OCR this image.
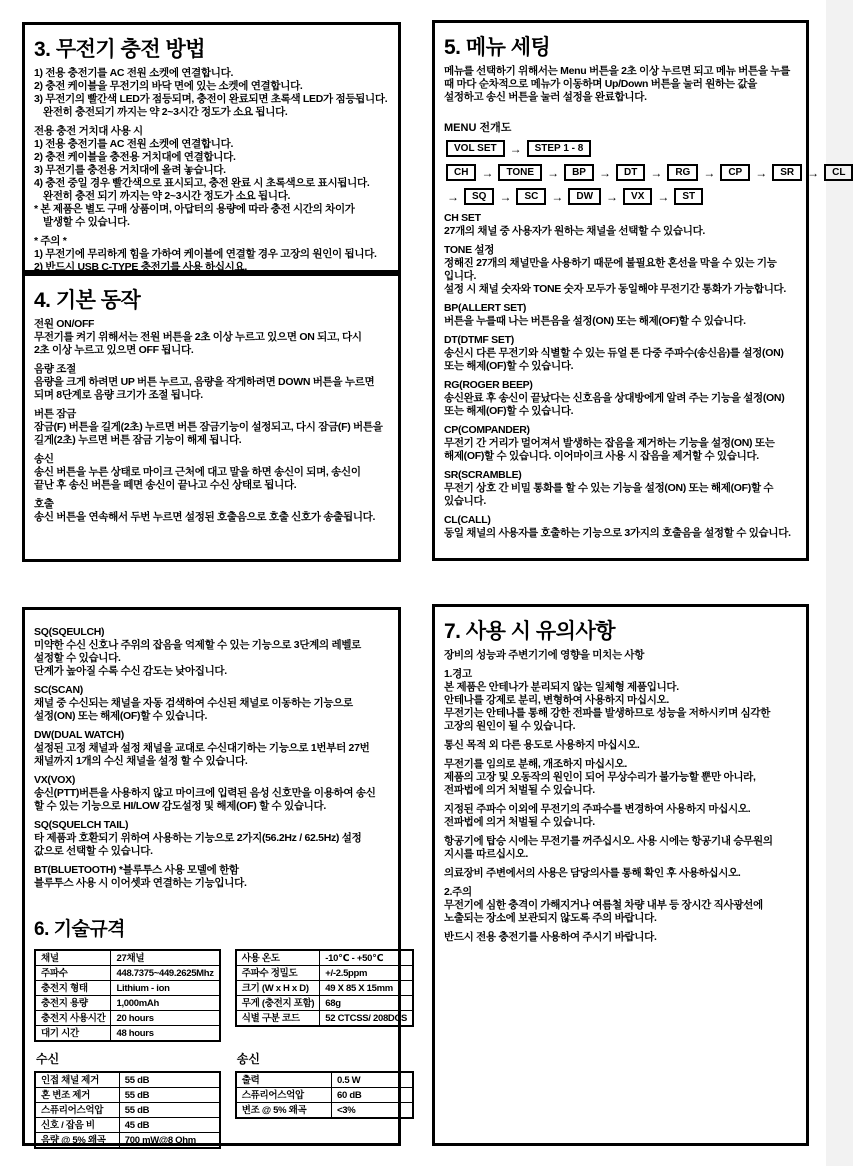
3. 무전기 충전 방법
1) 전용 충전기를 AC 전원 소켓에 연결합니다.
2) 충전 케이블을 무전기의 바닥 면에 있는 소켓에 연결합니다.
3) 무전기의 빨간색 LED가 점등되며, 충전이 완료되면 초록색 LED가 점등됩니다.
완전히 충전되기 까지는 약 2~3시간 정도가 소요 됩니다.
전용 충전 거치대 사용 시
1) 전용 충전기를 AC 전원 소켓에 연결합니다.
2) 충전 케이블을 충전용 거치대에 연결합니다.
3) 무전기를 충전용 거치대에 올려 놓습니다.
4) 충전 중일 경우 빨간색으로 표시되고, 충전 완료 시 초록색으로 표시됩니다.
완전히 충전 되기 까지는 약 2~3시간 정도가 소요 됩니다.
* 본 제품은 별도 구매 상품이며, 아답터의 용량에 따라 충전 시간의 차이가
발생할 수 있습니다.
* 주의 *
1) 무전기에 무리하게 힘을 가하여 케이블에 연결할 경우 고장의 원인이 됩니다.
2) 반드시 USB C-TYPE 충전기를 사용 하십시요.
4. 기본 동작
전원 ON/OFF
무전기를 켜기 위해서는 전원 버튼을 2초 이상 누르고 있으면 ON 되고, 다시
2초 이상 누르고 있으면 OFF 됩니다.
음량 조절
음량을 크게 하려면 UP 버튼 누르고, 음량을 작게하려면 DOWN 버튼을 누르면
되며 8단계로 음량 크기가 조절 됩니다.
버튼 잠금
잠금(F) 버튼을 길게(2초) 누르면 버튼 잠금기능이 설정되고, 다시 잠금(F) 버튼을
길게(2초) 누르면 버튼 잠금 기능이 해제 됩니다.
송신
송신 버튼을 누른 상태로 마이크 근처에 대고 말을 하면 송신이 되며, 송신이
끝난 후 송신 버튼을 떼면 송신이 끝나고 수신 상태로 됩니다.
호출
송신 버튼을 연속해서 두번 누르면 설정된 호출음으로 호출 신호가 송출됩니다.
5. 메뉴 세팅
메뉴를 선택하기 위해서는 Menu 버튼을 2초 이상 누르면 되고 메뉴 버튼을 누를
때 마다 순차적으로 메뉴가 이동하며 Up/Down 버튼을 눌러 원하는 값을
설정하고 송신 버튼을 눌러 설정을 완료합니다.
MENU 전개도
VOL SET	→	STEP 1 - 8
CH	→	TONE	→	BP	→	DT	→	RG	→	CP	→	SR	→	CL
→	SQ	→	SC	→	DW	→	VX	→	ST
CH SET
27개의 채널 중 사용자가 원하는 채널을 선택할 수 있습니다.
TONE 설정
정해진 27개의 채널만을 사용하기 때문에 불필요한 혼선을 막을 수 있는 기능
입니다.
설정 시 채널 숫자와 TONE 숫자 모두가 동일해야 무전기간 통화가 가능합니다.
BP(ALLERT SET)
버튼을 누를때 나는 버튼음을 설정(ON) 또는 해제(OF)할 수 있습니다.
DT(DTMF SET)
송신시 다른 무전기와 식별할 수 있는 듀얼 톤 다중 주파수(송신음)를 설정(ON)
또는 해제(OF)할 수 있습니다.
RG(ROGER BEEP)
송신완료 후 송신이 끝났다는 신호음을 상대방에게 알려 주는 기능을 설정(ON)
또는 해제(OF)할 수 있습니다.
CP(COMPANDER)
무전기 간 거리가 멀어져서 발생하는 잡음을 제거하는 기능을 설정(ON) 또는
해제(OF)할 수 있습니다. 이어마이크 사용 시 잡음을 제거할 수 있습니다.
SR(SCRAMBLE)
무전기 상호 간 비밀 통화를 할 수 있는 기능을 설정(ON) 또는 해제(OF)할 수
있습니다.
CL(CALL)
동일 채널의 사용자를 호출하는 기능으로 3가지의 호출음을 설정할 수 있습니다.
SQ(SQEULCH)
미약한 수신 신호나 주위의 잡음을 억제할 수 있는 기능으로 3단계의 레벨로
설정할 수 있습니다.
단계가 높아질 수록 수신 감도는 낮아집니다.
SC(SCAN)
채널 중 수신되는 채널을 자동 검색하여 수신된 채널로 이동하는 기능으로
설정(ON) 또는 해제(OF)할 수 있습니다.
DW(DUAL WATCH)
설정된 고정 채널과 설정 채널을 교대로 수신대기하는 기능으로 1번부터 27번
채널까지 1개의 수신 채널을 설정 할 수 있습니다.
VX(VOX)
송신(PTT)버튼을 사용하지 않고 마이크에 입력된 음성 신호만을 이용하여 송신
할 수 있는 기능으로 HI/LOW 감도설정 및 해제(OF) 할 수 있습니다.
SQ(SQUELCH TAIL)
타 제품과 호환되기 위하여 사용하는 기능으로 2가지(56.2Hz / 62.5Hz) 설정
값으로 선택할 수 있습니다.
BT(BLUETOOTH) *블루투스 사용 모델에 한함
블루투스 사용 시 이어셋과 연결하는 기능입니다.
6. 기술규격
채널	27채널
주파수	448.7375~449.2625Mhz
충전지 형태	Lithium - ion
충전지 용량	1,000mAh
충전지 사용시간	20 hours
대기 시간	48 hours
수신
인접 채널 제거	55 dB
혼 변조 제거	55 dB
스퓨리어스억압	55 dB
신호 / 잡음 비	45 dB
음량 @ 5% 왜곡	700 mW@8 Ohm
사용 온도	-10℃ - +50℃
주파수 정밀도	+/-2.5ppm
크기 (W x H x D)	49 X 85 X 15mm
무게 (충전지 포함)	68g
식별 구분 코드	52 CTCSS/ 208DCS
송신
출력	0.5 W
스퓨리어스억압	60 dB
변조 @ 5% 왜곡	<3%
7. 사용 시 유의사항
장비의 성능과 주변기기에 영향을 미치는 사항
1.경고
본 제품은 안테나가 분리되지 않는 일체형 제품입니다.
안테나를 강제로 분리, 변형하여 사용하지 마십시오.
무전기는 안테나를 통해 강한 전파를 발생하므로 성능을 저하시키며 심각한
고장의 원인이 될 수 있습니다.
통신 목적 외 다른 용도로 사용하지 마십시오.
무전기를 임의로 분해, 개조하지 마십시오.
제품의 고장 및 오동작의 원인이 되어 무상수리가 불가능할 뿐만 아니라,
전파법에 의거 처벌될 수 있습니다.
지정된 주파수 이외에 무전기의 주파수를 변경하여 사용하지 마십시오.
전파법에 의거 처벌될 수 있습니다.
항공기에 탑승 시에는 무전기를 꺼주십시오. 사용 시에는 항공기내 승무원의
지시를 따르십시오.
의료장비 주변에서의 사용은 담당의사를 통해 확인 후 사용하십시오.
2.주의
무전기에 심한 충격이 가해지거나 여름철 차량 내부 등 장시간 직사광선에
노출되는 장소에 보관되지 않도록 주의 바랍니다.
반드시 전용 충전기를 사용하여 주시기 바랍니다.
